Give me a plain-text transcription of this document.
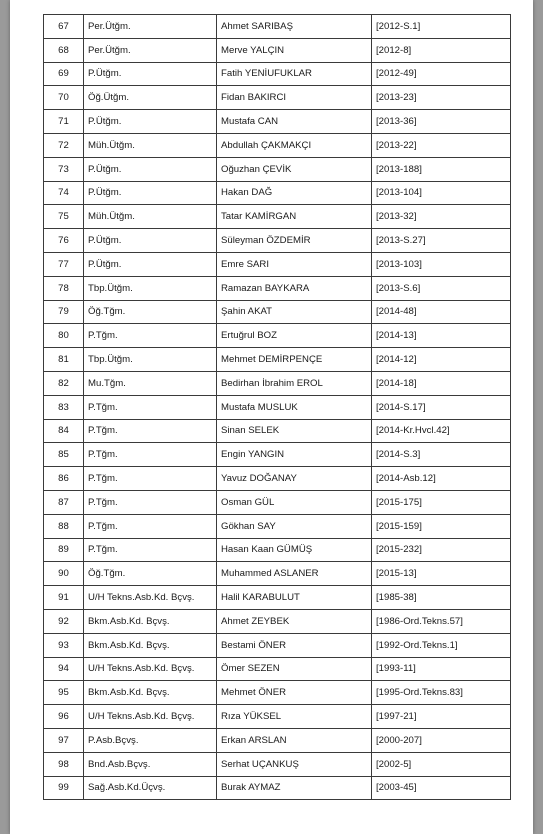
67	Per.Ütğm.	Ahmet SARIBAŞ	[2012-S.1]
68	Per.Ütğm.	Merve YALÇIN	[2012-8]
69	P.Ütğm.	Fatih YENİUFUKLAR	[2012-49]
70	Öğ.Ütğm.	Fidan BAKIRCI	[2013-23]
71	P.Ütğm.	Mustafa CAN	[2013-36]
72	Müh.Ütğm.	Abdullah ÇAKMAKÇI	[2013-22]
73	P.Ütğm.	Oğuzhan ÇEVİK	[2013-188]
74	P.Ütğm.	Hakan DAĞ	[2013-104]
75	Müh.Ütğm.	Tatar KAMİRGAN	[2013-32]
76	P.Ütğm.	Süleyman ÖZDEMİR	[2013-S.27]
77	P.Ütğm.	Emre SARI	[2013-103]
78	Tbp.Ütğm.	Ramazan BAYKARA	[2013-S.6]
79	Öğ.Tğm.	Şahin AKAT	[2014-48]
80	P.Tğm.	Ertuğrul BOZ	[2014-13]
81	Tbp.Ütğm.	Mehmet DEMİRPENÇE	[2014-12]
82	Mu.Tğm.	Bedirhan İbrahim EROL	[2014-18]
83	P.Tğm.	Mustafa MUSLUK	[2014-S.17]
84	P.Tğm.	Sinan SELEK	[2014-Kr.Hvcl.42]
85	P.Tğm.	Engin YANGIN	[2014-S.3]
86	P.Tğm.	Yavuz DOĞANAY	[2014-Asb.12]
87	P.Tğm.	Osman GÜL	[2015-175]
88	P.Tğm.	Gökhan SAY	[2015-159]
89	P.Tğm.	Hasan Kaan GÜMÜŞ	[2015-232]
90	Öğ.Tğm.	Muhammed ASLANER	[2015-13]
91	U/H Tekns.Asb.Kd. Bçvş.	Halil KARABULUT	[1985-38]
92	Bkm.Asb.Kd. Bçvş.	Ahmet ZEYBEK	[1986-Ord.Tekns.57]
93	Bkm.Asb.Kd. Bçvş.	Bestami ÖNER	[1992-Ord.Tekns.1]
94	U/H Tekns.Asb.Kd. Bçvş.	Ömer SEZEN	[1993-11]
95	Bkm.Asb.Kd. Bçvş.	Mehmet ÖNER	[1995-Ord.Tekns.83]
96	U/H Tekns.Asb.Kd. Bçvş.	Rıza YÜKSEL	[1997-21]
97	P.Asb.Bçvş.	Erkan ARSLAN	[2000-207]
98	Bnd.Asb.Bçvş.	Serhat UÇANKUŞ	[2002-5]
99	Sağ.Asb.Kd.Üçvş.	Burak AYMAZ	[2003-45]
